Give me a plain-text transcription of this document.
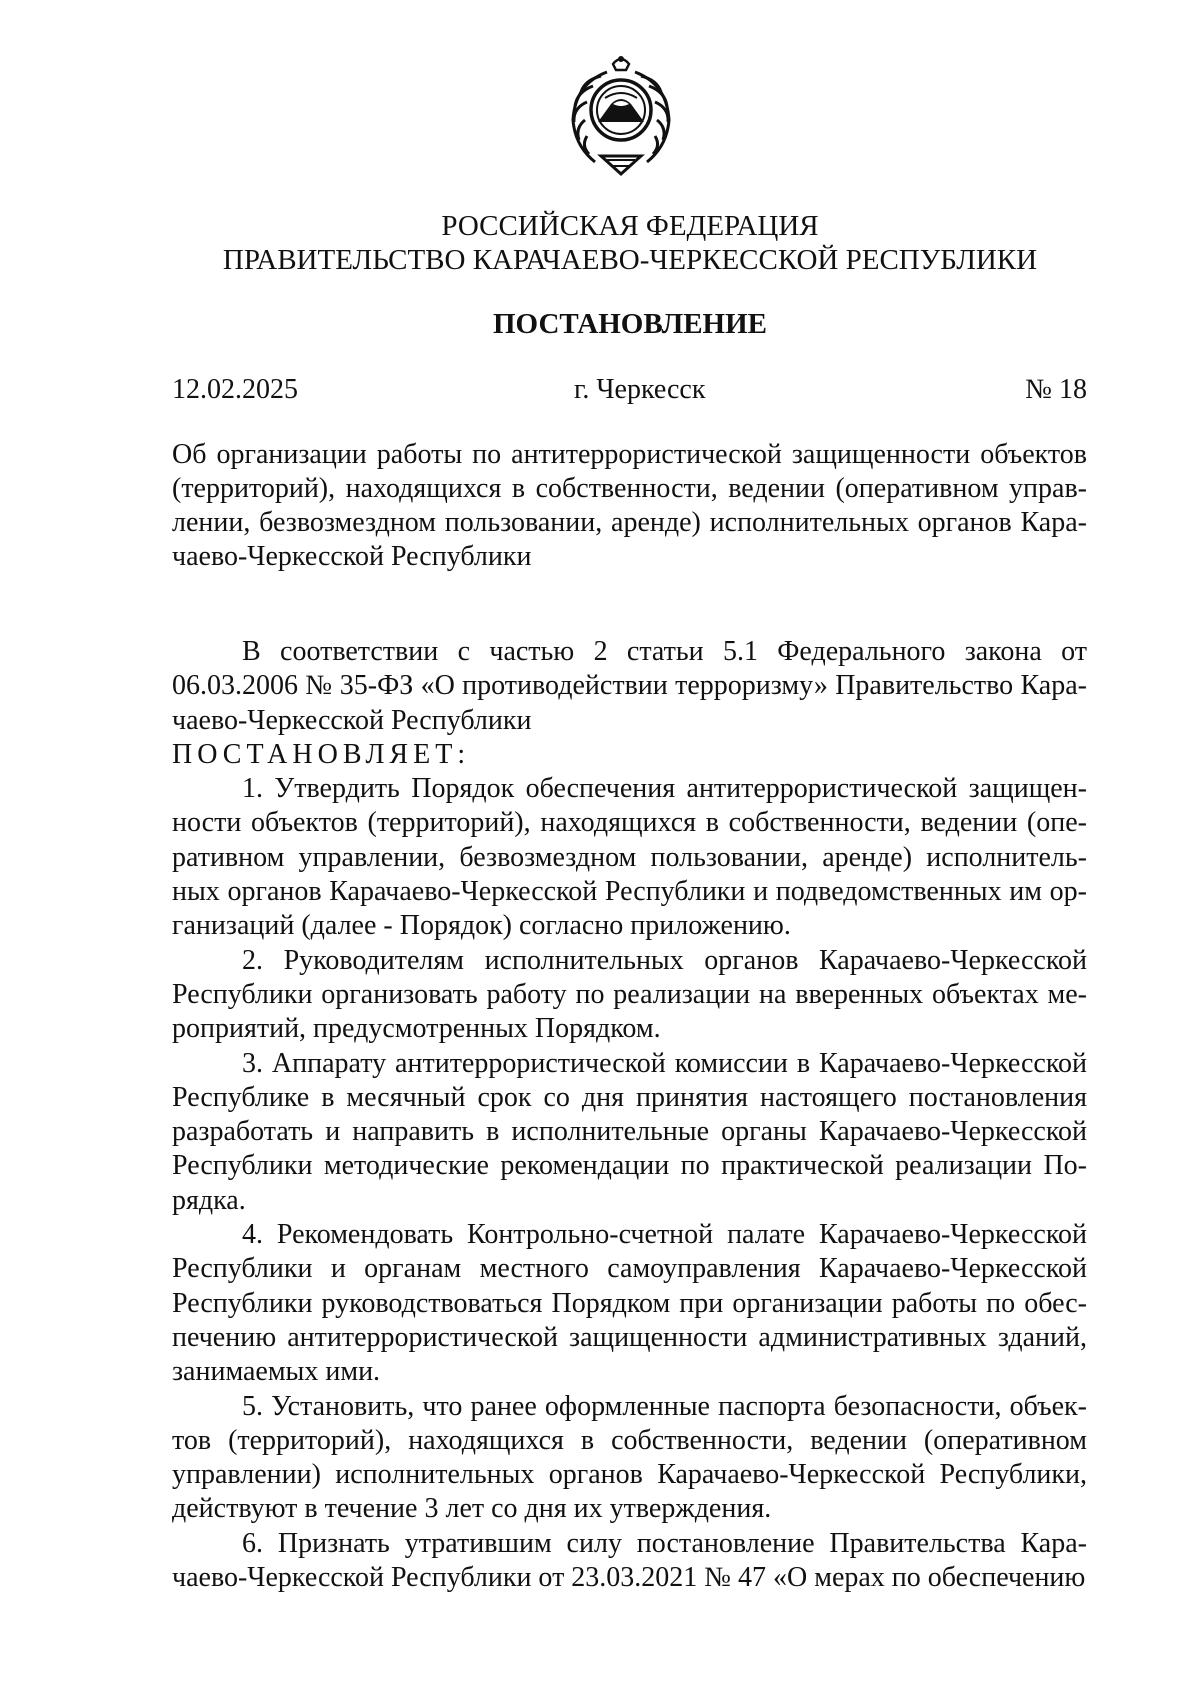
РОССИЙСКАЯ ФЕДЕРАЦИЯ
ПРАВИТЕЛЬСТВО КАРАЧАЕВО-ЧЕРКЕССКОЙ РЕСПУБЛИКИ
ПОСТАНОВЛЕНИЕ
12.02.2025	г. Черкесск	№ 18
Об организации работы по антитеррористической защищенности объектов (территорий), находящихся в собственности, ведении (оперативном управлении, безвозмездном пользовании, аренде) исполнительных органов Карачаево-Черкесской Республики

В соответствии с частью 2 статьи 5.1 Федерального закона от 06.03.2006 № 35-ФЗ «О противодействии терроризму» Правительство Карачаево-Черкесской Республики

ПОСТАНОВЛЯЕТ:

1. Утвердить Порядок обеспечения антитеррористической защищенности объектов (территорий), находящихся в собственности, ведении (оперативном управлении, безвозмездном пользовании, аренде) исполнительных органов Карачаево-Черкесской Республики и подведомственных им организаций (далее - Порядок) согласно приложению.

2. Руководителям исполнительных органов Карачаево-Черкесской Республики организовать работу по реализации на вверенных объектах мероприятий, предусмотренных Порядком.

3. Аппарату антитеррористической комиссии в Карачаево-Черкесской Республике в месячный срок со дня принятия настоящего постановления разработать и направить в исполнительные органы Карачаево-Черкесской Республики методические рекомендации по практической реализации Порядка.

4. Рекомендовать Контрольно-счетной палате Карачаево-Черкесской Республики и органам местного самоуправления Карачаево-Черкесской Республики руководствоваться Порядком при организации работы по обеспечению антитеррористической защищенности административных зданий, занимаемых ими.

5. Установить, что ранее оформленные паспорта безопасности, объектов (территорий), находящихся в собственности, ведении (оперативном управлении) исполнительных органов Карачаево-Черкесской Республики, действуют в течение 3 лет со дня их утверждения.

6. Признать утратившим силу постановление Правительства Карачаево-Черкесской Республики от 23.03.2021 № 47 «О мерах по обеспечению
